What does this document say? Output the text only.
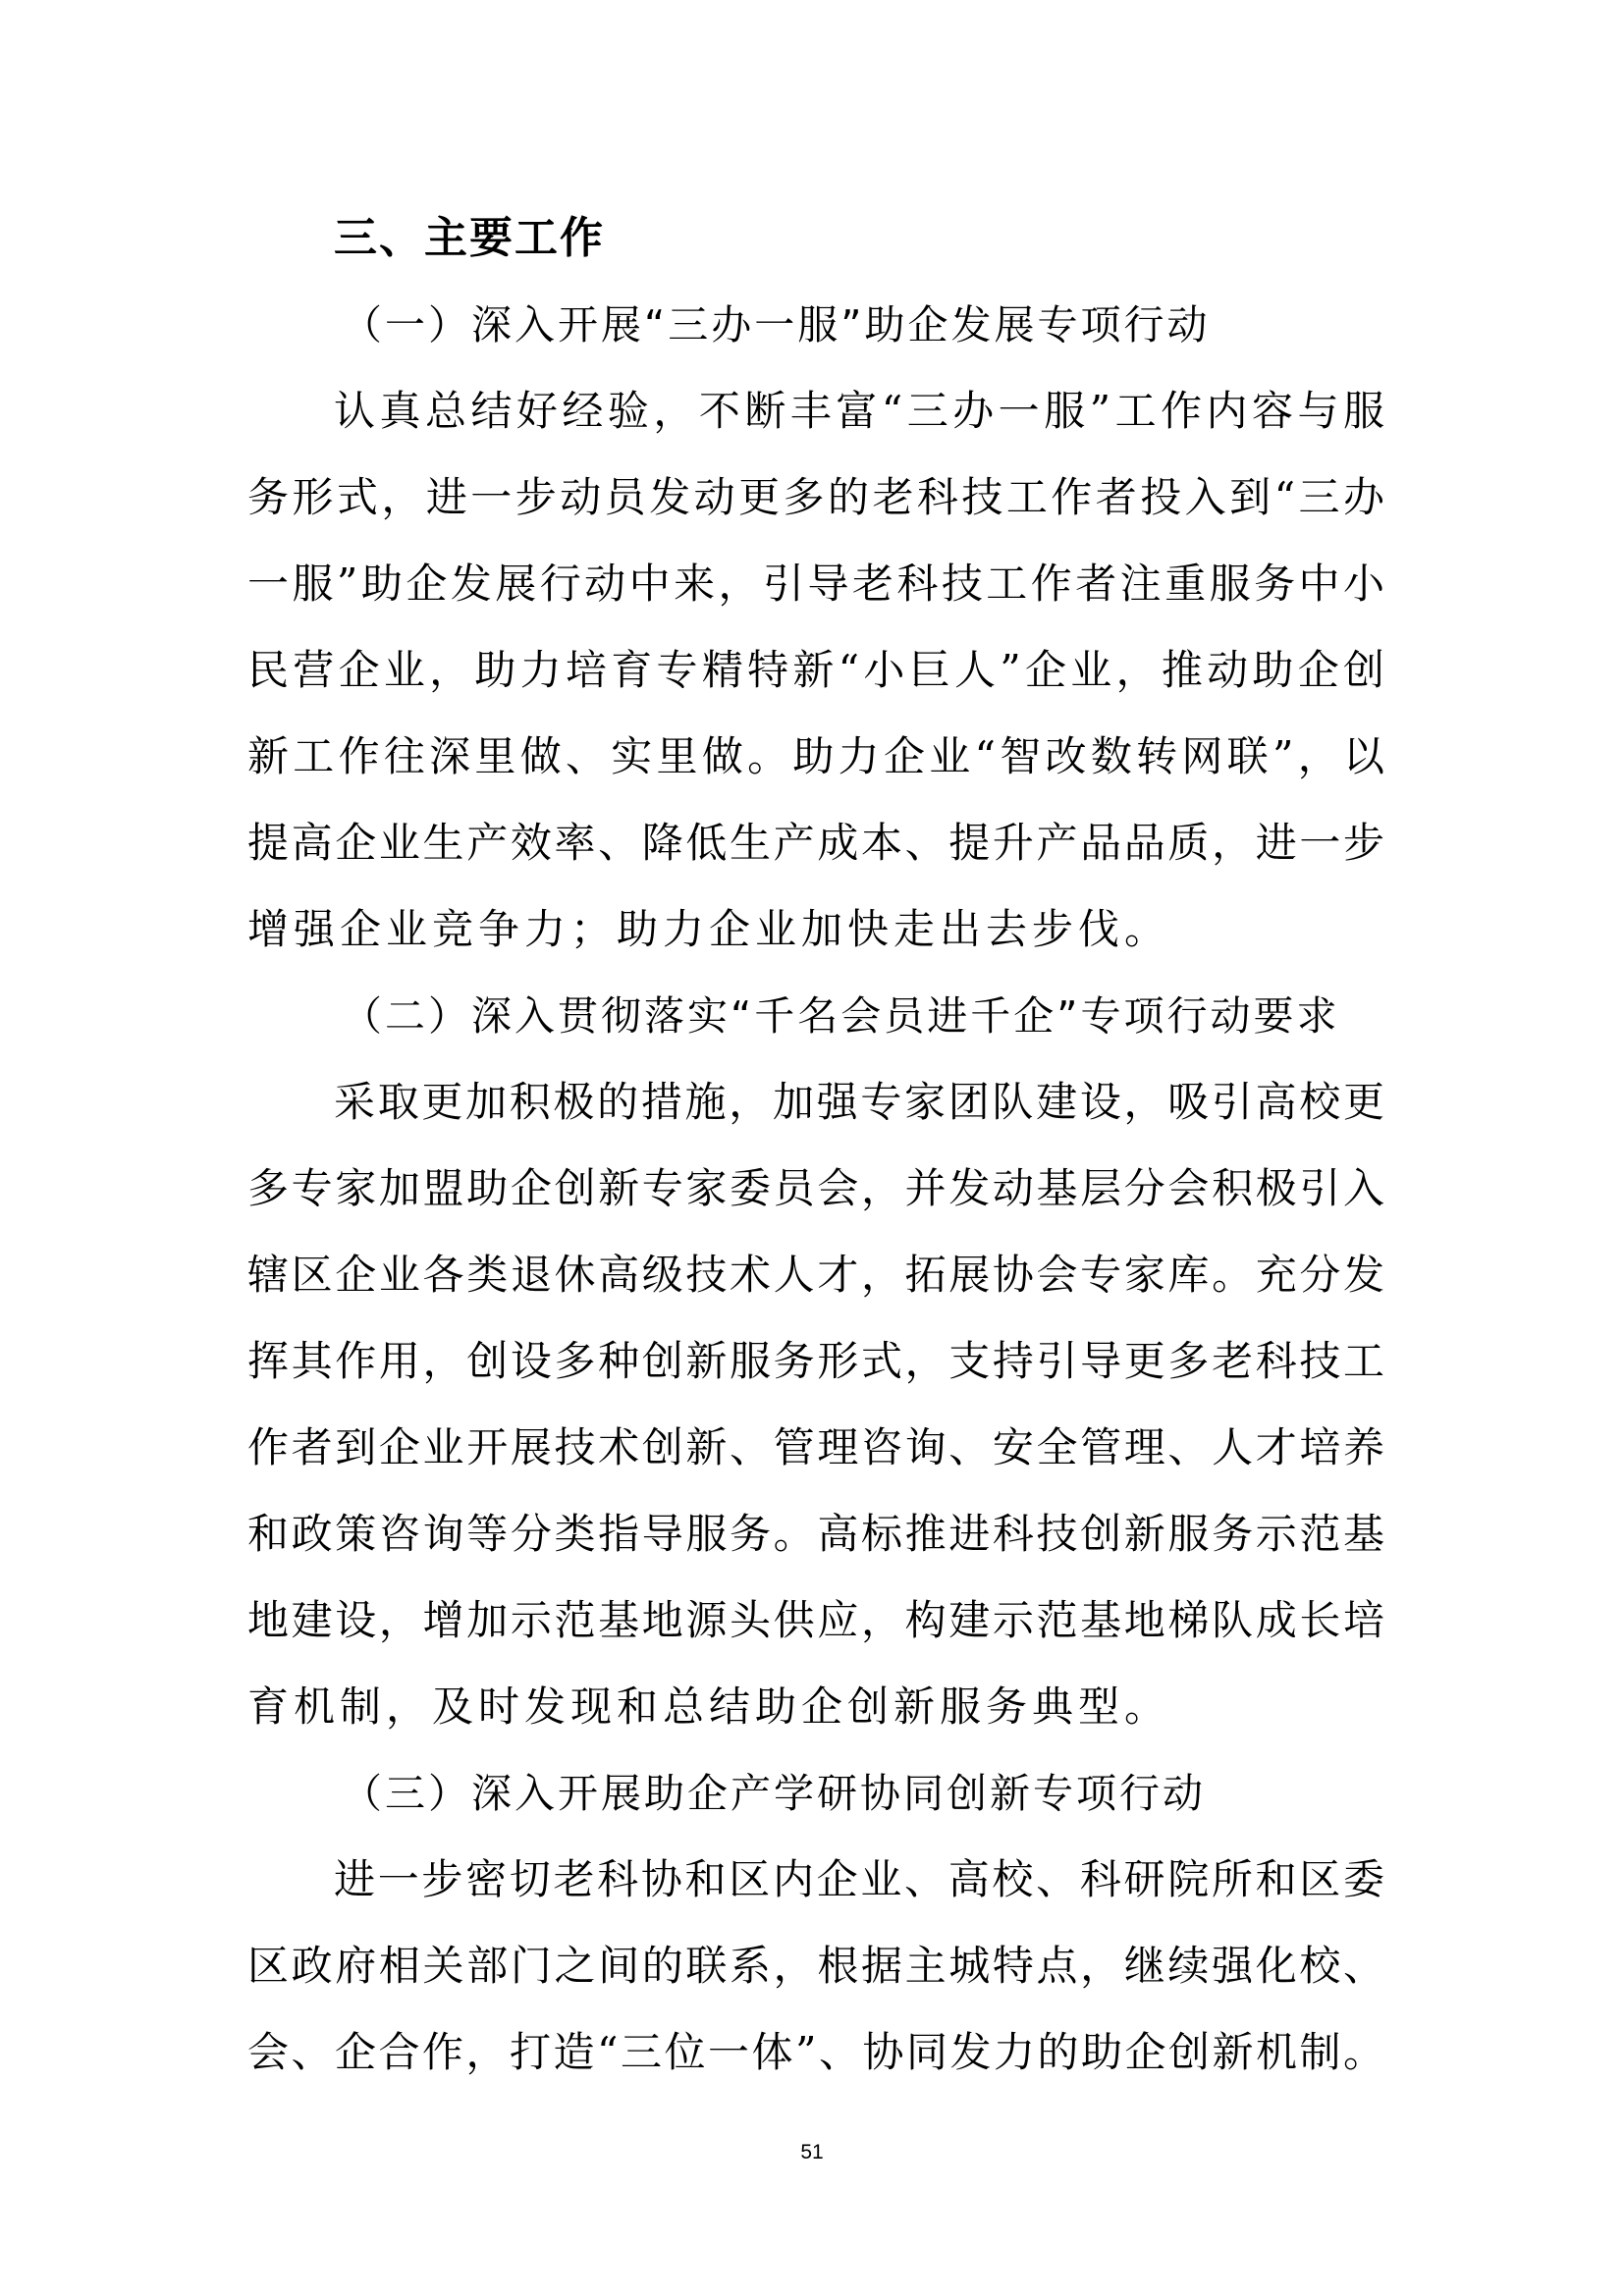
三、主要工作
（一）深入开展“三办一服”助企发展专项行动
认真总结好经验，不断丰富“三办一服”工作内容与服
务形式，进一步动员发动更多的老科技工作者投入到“三办
一服”助企发展行动中来，引导老科技工作者注重服务中小
民营企业，助力培育专精特新“小巨人”企业，推动助企创
新工作往深里做、实里做。助力企业“智改数转网联”，以
提高企业生产效率、降低生产成本、提升产品品质，进一步
增强企业竞争力；助力企业加快走出去步伐。
（二）深入贯彻落实“千名会员进千企”专项行动要求
采取更加积极的措施，加强专家团队建设，吸引高校更
多专家加盟助企创新专家委员会，并发动基层分会积极引入
辖区企业各类退休高级技术人才，拓展协会专家库。充分发
挥其作用，创设多种创新服务形式，支持引导更多老科技工
作者到企业开展技术创新、管理咨询、安全管理、人才培养
和政策咨询等分类指导服务。高标推进科技创新服务示范基
地建设，增加示范基地源头供应，构建示范基地梯队成长培
育机制，及时发现和总结助企创新服务典型。
（三）深入开展助企产学研协同创新专项行动
进一步密切老科协和区内企业、高校、科研院所和区委
区政府相关部门之间的联系，根据主城特点，继续强化校、
会、企合作，打造“三位一体”、协同发力的助企创新机制。
51
